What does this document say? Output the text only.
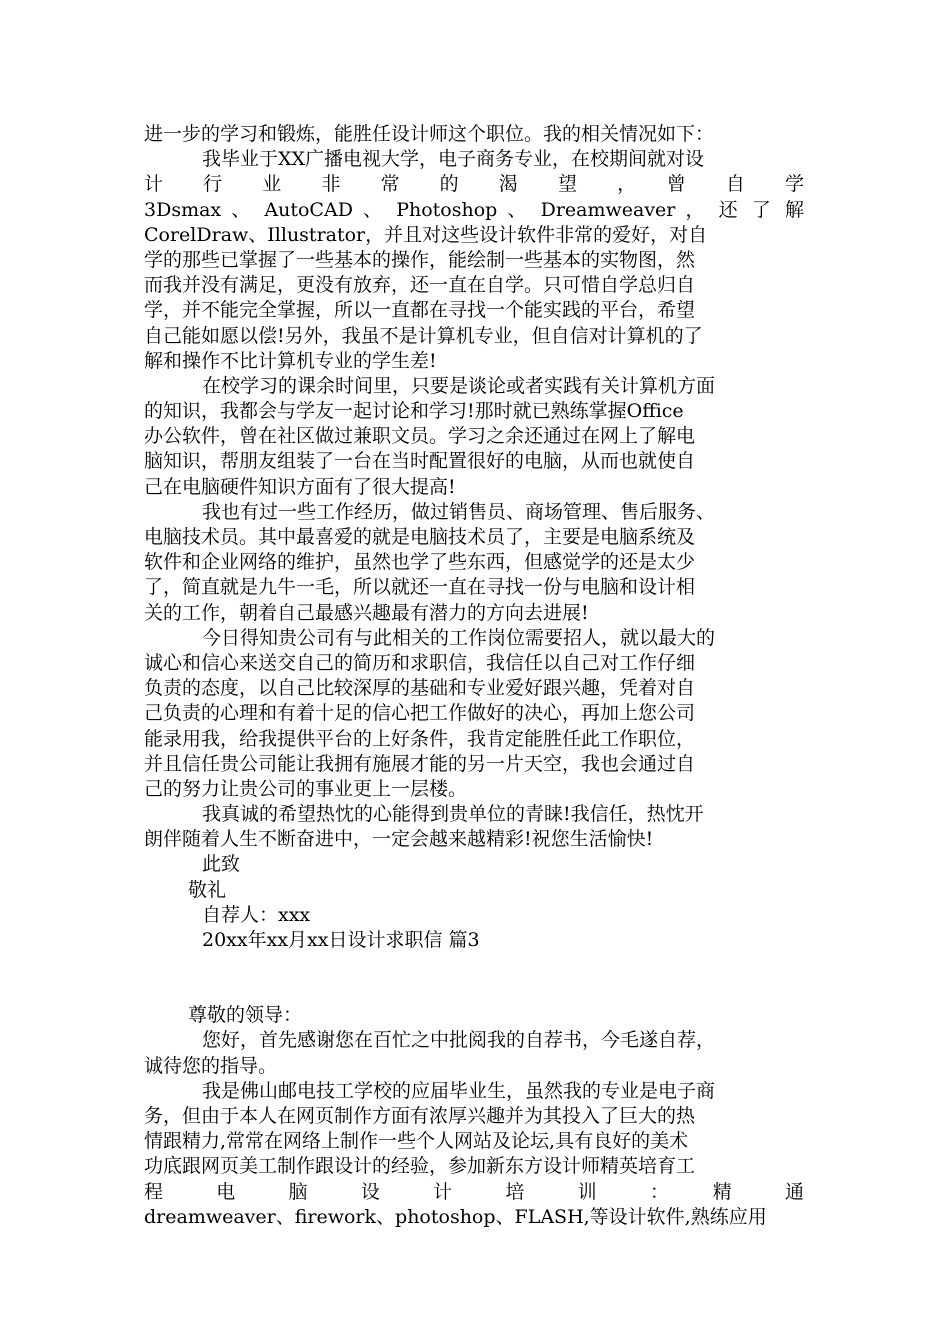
进一步的学习和锻炼，能胜任设计师这个职位。我的相关情况如下：
我毕业于XX广播电视大学，电子商务专业，在校期间就对设
计　行　业　非　常　的　渴　望　，　曾　自　学
3Dsmax 、 AutoCAD 、 Photoshop 、 Dreamweaver ， 还 了 解
CorelDraw、Illustrator，并且对这些设计软件非常的爱好，对自
学的那些已掌握了一些基本的操作，能绘制一些基本的实物图，然
而我并没有满足，更没有放弃，还一直在自学。只可惜自学总归自
学，并不能完全掌握，所以一直都在寻找一个能实践的平台，希望
自己能如愿以偿!另外，我虽不是计算机专业，但自信对计算机的了
解和操作不比计算机专业的学生差!
在校学习的课余时间里，只要是谈论或者实践有关计算机方面
的知识，我都会与学友一起讨论和学习!那时就已熟练掌握Office
办公软件，曾在社区做过兼职文员。学习之余还通过在网上了解电
脑知识，帮朋友组装了一台在当时配置很好的电脑，从而也就使自
己在电脑硬件知识方面有了很大提高!
我也有过一些工作经历，做过销售员、商场管理、售后服务、
电脑技术员。其中最喜爱的就是电脑技术员了，主要是电脑系统及
软件和企业网络的维护，虽然也学了些东西，但感觉学的还是太少
了，简直就是九牛一毛，所以就还一直在寻找一份与电脑和设计相
关的工作，朝着自己最感兴趣最有潜力的方向去进展!
今日得知贵公司有与此相关的工作岗位需要招人，就以最大的
诚心和信心来送交自己的简历和求职信，我信任以自己对工作仔细
负责的态度，以自己比较深厚的基础和专业爱好跟兴趣，凭着对自
己负责的心理和有着十足的信心把工作做好的决心，再加上您公司
能录用我，给我提供平台的上好条件，我肯定能胜任此工作职位，
并且信任贵公司能让我拥有施展才能的另一片天空，我也会通过自
己的努力让贵公司的事业更上一层楼。
我真诚的希望热忱的心能得到贵单位的青睐!我信任，热忱开
朗伴随着人生不断奋进中，一定会越来越精彩!祝您生活愉快!
此致
敬礼
自荐人：xxx
20xx年xx月xx日设计求职信 篇3
尊敬的领导：
您好，首先感谢您在百忙之中批阅我的自荐书，今毛遂自荐，
诚待您的指导。
我是佛山邮电技工学校的应届毕业生，虽然我的专业是电子商
务，但由于本人在网页制作方面有浓厚兴趣并为其投入了巨大的热
情跟精力,常常在网络上制作一些个人网站及论坛,具有良好的美术
功底跟网页美工制作跟设计的经验，参加新东方设计师精英培育工
程　电　脑　设　计　培　训　：　精　通
dreamweaver、firework、photoshop、FLASH,等设计软件,熟练应用
